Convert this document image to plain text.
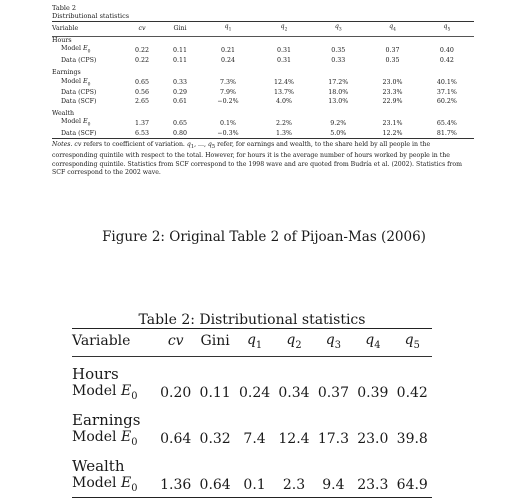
Table 2
Distributional statistics
Variable	cv	Gini	$q_1$	$q_2$	$q_3$	$q_4$	$q_5$
Hours							
Model $E_0$	0.22	0.11	0.21	0.31	0.35	0.37	0.40
Data (CPS)	0.22	0.11	0.24	0.31	0.33	0.35	0.42

Earnings							
Model $E_0$	0.65	0.33	7.3%	12.4%	17.2%	23.0%	40.1%
Data (CPS)	0.56	0.29	7.9%	13.7%	18.0%	23.3%	37.1%
Data (SCF)	2.65	0.61	−0.2%	4.0%	13.0%	22.9%	60.2%

Wealth							
Model $E_0$	1.37	0.65	0.1%	2.2%	9.2%	23.1%	65.4%
Data (SCF)	6.53	0.80	−0.3%	1.3%	5.0%	12.2%	81.7%
Notes. cv refers to coefficient of variation. $q_1$, ..., $q_5$ refer, for earnings and wealth, to the share held by all people in the corresponding quintile with respect to the total. However, for hours it is the average number of hours worked by people in the corresponding quintile. Statistics from SCF correspond to the 1998 wave and are quoted from Budría et al. (2002). Statistics from SCF correspond to the 2002 wave.
Figure 2: Original Table 2 of Pijoan-Mas (2006)
Table 2: Distributional statistics
Variable	cv	Gini	$q_1$	$q_2$	$q_3$	$q_4$	$q_5$
Hours							
Model $E_0$	0.20	0.11	0.24	0.34	0.37	0.39	0.42
Earnings							
Model $E_0$	0.64	0.32	7.4	12.4	17.3	23.0	39.8
Wealth							
Model $E_0$	1.36	0.64	0.1	2.3	9.4	23.3	64.9
